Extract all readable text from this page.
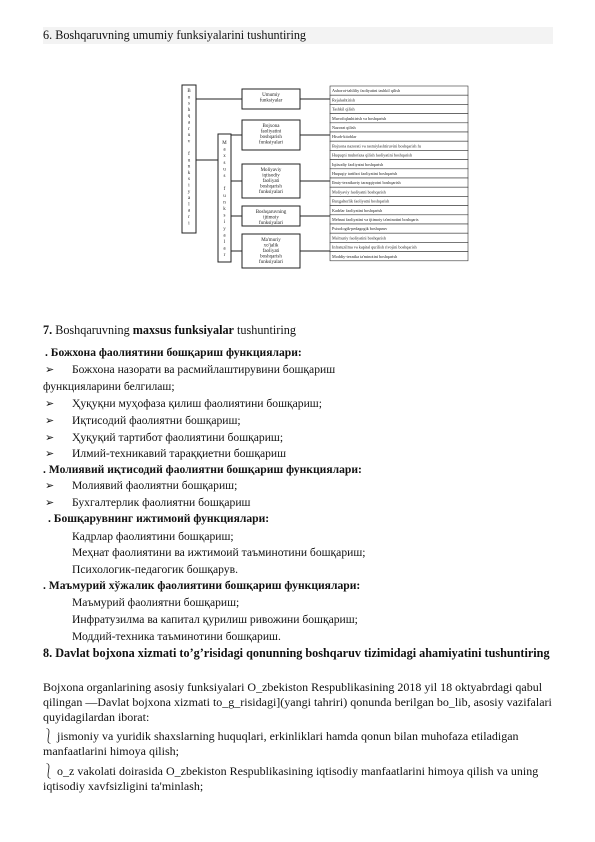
6. Boshqaruvning umumiy funksiyalarini tushuntiring
B
o
s
h
q
a
r
u
v
f
u
n
k
s
i
y
a
l
a
r
i
M
a
x
s
u
s
f
u
n
k
s
i
y
a
l
a
r
Umumiy
funksiyalar
Bojxona
faoliyatini
boshqarish
funksiyalari
Moliyaviy
iqtisodiy
faoliyati
boshqarish
funksiyalari
Boshqaruvning
ijtimoiy
funksiyalari
Ma'muriy
xo'jalik
faoliyati
boshqarish
funksiyalari
Axborot-tahliliy faoliyatini tashkil qilish
Rejalashtirish
Tashkil qilish
Muvofiqlashtirish va boshqarish
Nazorat qilish
Hisob-kitoblar
Bojxona nazorati va rasmiylashtiruvini boshqarish fu
Huquqni muhofaza qilish faoliyatini boshqarish
Iqtisodiy faoliyatni boshqarish
Huquqiy tartibot faoliyatini boshqarish
Ilmiy-texnikaviy taraqqiyotni boshqarish
Moliyaviy faoliyatni boshqarish
Buxgalterlik faoliyatni boshqarish
Kadrlar faoliyatini boshqarish
Mehnat faoliyatini va ijtimoiy ta'minotini boshqaris
Psixologik-pedagogik boshqaruv
Ma'muriy faoliyatini boshqarish
Infratuzilma va kapital qurilish rivojini boshqarish
Moddiy-texnika ta'minotini boshqarish
7. Boshqaruvning maxsus funksiyalar tushuntiring
. Божхона фаолиятини бошқариш функциялари:
➢ Божхона назорати ва расмийлаштирувини бошқариш
функцияларини белгилаш;
➢ Ҳуқуқни муҳофаза қилиш фаолиятини бошқариш;
➢ Иқтисодий фаолиятни бошқариш;
➢ Ҳуқуқий тартибот фаолиятини бошқариш;
➢ Илмий-техникавий тараққиетни бошқариш
. Молиявий иқтисодий фаолиятни бошқариш функциялари:
➢ Молиявий фаолиятни бошқариш;
➢ Бухгалтерлик фаолиятни бошқариш
. Бошқарувнинг ижтимоий функциялари:
Кадрлар фаолиятини бошқариш;
Меҳнат фаолиятини ва ижтимоий таъминотини бошқариш;
Психологик-педагогик бошқарув.
. Маъмурий хўжалик фаолиятини бошқариш функциялари:
Маъмурий фаолиятни бошқариш;
Инфратузилма ва капитал қурилиш ривожини бошқариш;
Моддий-техника таъминотини бошқариш.
8. Davlat bojxona xizmati to’g’risidagi qonunning boshqaruv tizimidagi ahamiyatini tushuntiring
Bojxona organlarining asosiy funksiyalari O_zbekiston Respublikasining 2018 yil 18 oktyabrdagi qabul qilingan ―Davlat bojxona xizmati to_g_risidagi](yangi tahriri) qonunda berilgan bo_lib, asosiy vazifalari quyidagilardan iborat:
⎱ jismoniy va yuridik shaxslarning huquqlari, erkinliklari hamda qonun bilan muhofaza etiladigan manfaatlarini himoya qilish;
⎱ o_z vakolati doirasida O_zbekiston Respublikasining iqtisodiy manfaatlarini himoya qilish va uning iqtisodiy xavfsizligini ta'minlash;
